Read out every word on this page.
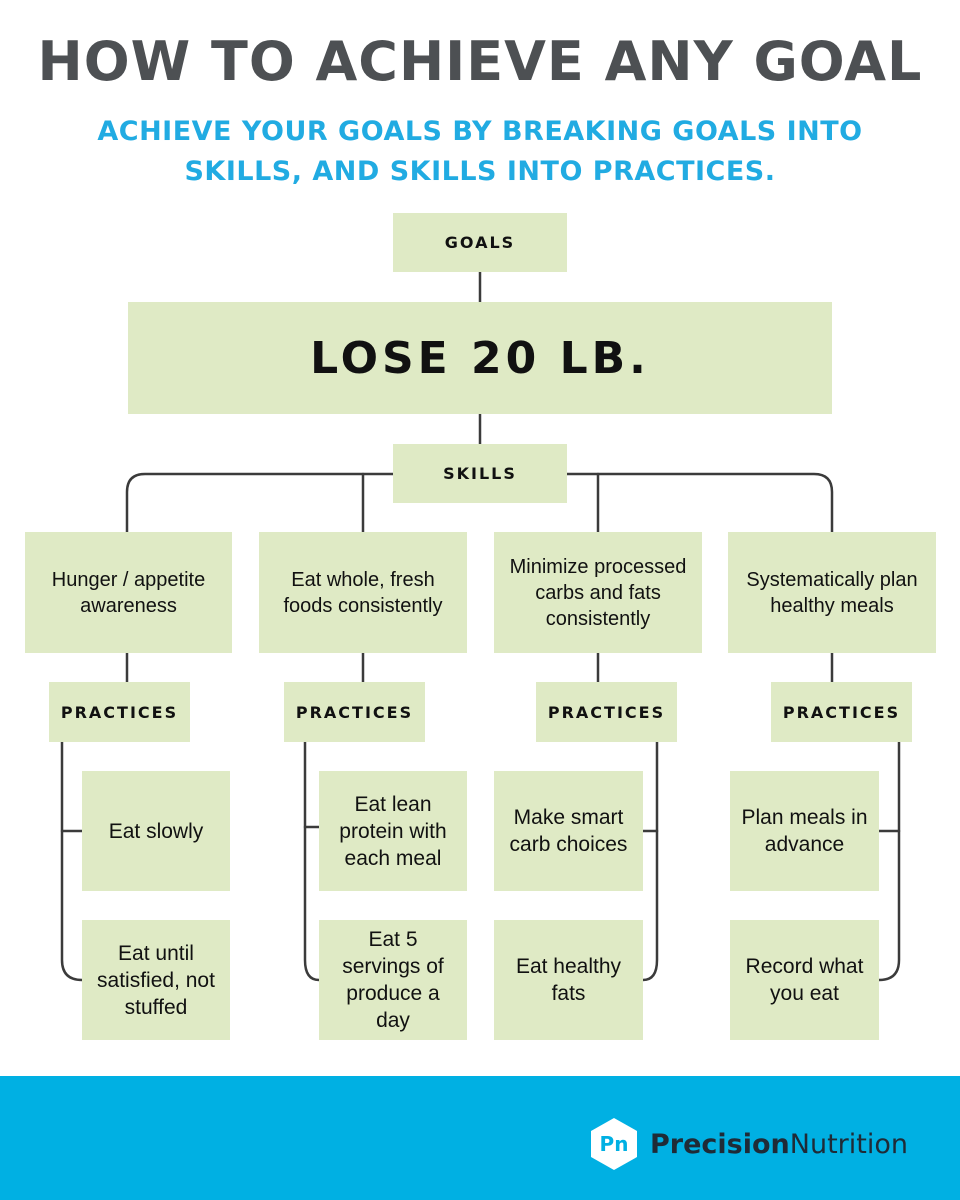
HOW TO ACHIEVE ANY GOAL
ACHIEVE YOUR GOALS BY BREAKING GOALS INTO SKILLS, AND SKILLS INTO PRACTICES.
GOALS
LOSE 20 LB.
SKILLS
Hunger / appetite awareness
Eat whole, fresh foods consistently
Minimize processed carbs and fats consistently
Systematically plan healthy meals
PRACTICES	PRACTICES	PRACTICES	PRACTICES
Eat slowly
Eat until satisfied, not stuffed
Eat lean protein with each meal
Eat 5 servings of produce a day
Make smart carb choices
Eat healthy fats
Plan meals in advance
Record what you eat
Pn PrecisionNutrition
